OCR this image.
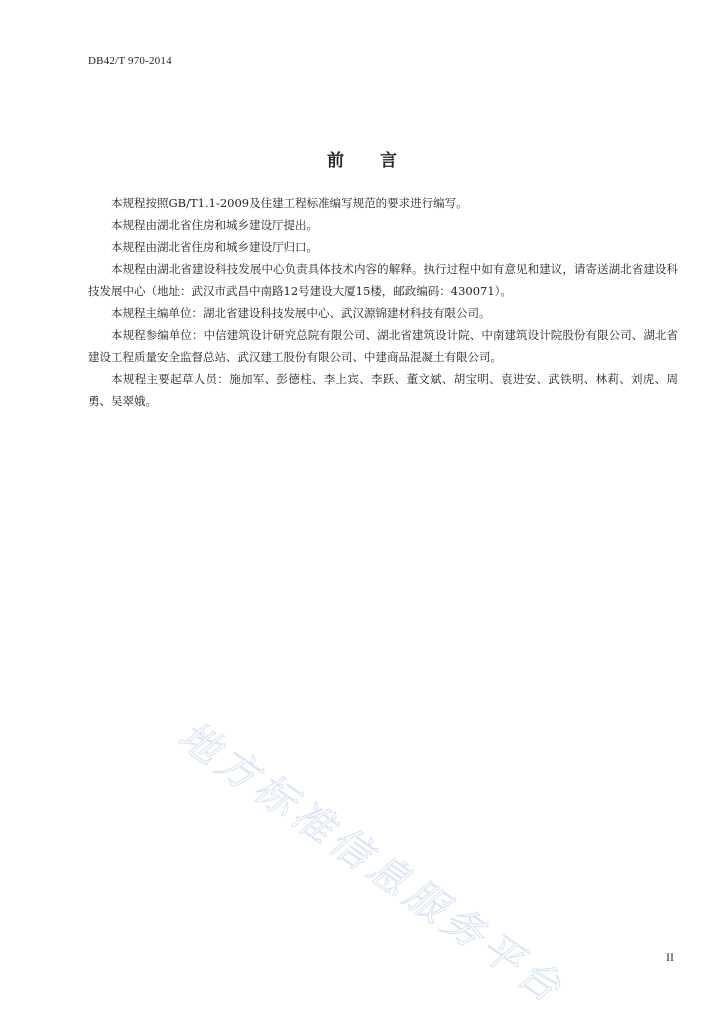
DB42/T 970-2014
前 言

本规程按照GB/T1.1-2009及住建工程标准编写规范的要求进行编写。

本规程由湖北省住房和城乡建设厅提出。

本规程由湖北省住房和城乡建设厅归口。

本规程由湖北省建设科技发展中心负责具体技术内容的解释。执行过程中如有意见和建议，请寄送湖北省建设科技发展中心（地址：武汉市武昌中南路12号建设大厦15楼，邮政编码：430071）。

本规程主编单位：湖北省建设科技发展中心、武汉源锦建材科技有限公司。

本规程参编单位：中信建筑设计研究总院有限公司、湖北省建筑设计院、中南建筑设计院股份有限公司、湖北省建设工程质量安全监督总站、武汉建工股份有限公司、中建商品混凝土有限公司。

本规程主要起草人员：施加军、彭德柱、李上宾、李跃、董文斌、胡宝明、袁进安、武铁明、林莉、刘虎、周勇、吴翠娥。

地方标准信息服务平台	II
